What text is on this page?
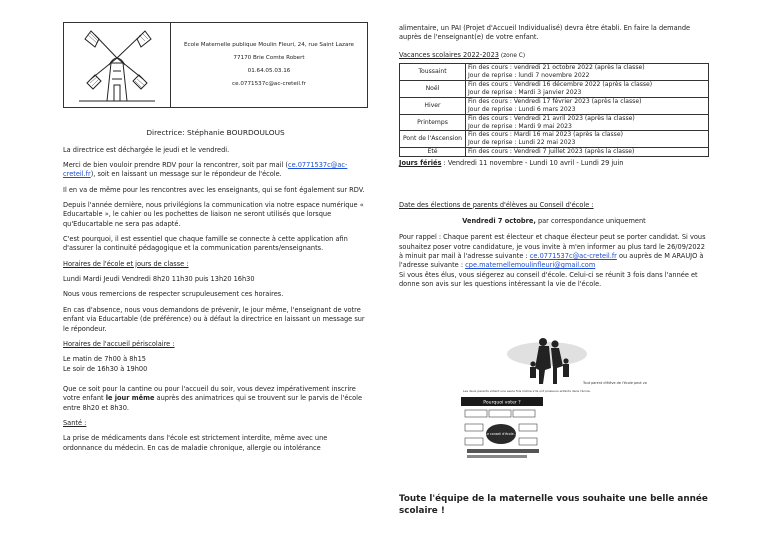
Ecole Maternelle publique Moulin Fleuri, 24, rue Saint Lazare
77170 Brie Comte Robert
01.64.05.03.16
ce.0771537c@ac-creteil.fr
Directrice: Stéphanie BOURDOULOUS

La directrice est déchargée le jeudi et le vendredi.

Merci de bien vouloir prendre RDV pour la rencontrer, soit par mail (ce.0771537c@ac-creteil.fr), soit en laissant un message sur le répondeur de l'école.

Il en va de même pour les rencontres avec les enseignants, qui se font également sur RDV.

Depuis l'année dernière, nous privilégions la communication via notre espace numérique « Educartable », le cahier ou les pochettes de liaison ne seront utilisés que lorsque qu'Educartable ne sera pas adapté.

C'est pourquoi, il est essentiel que chaque famille se connecte à cette application afin d'assurer la continuité pédagogique et la communication parents/enseignants.

Horaires de l'école et jours de classe :

Lundi Mardi Jeudi Vendredi 8h20 11h30 puis 13h20 16h30

Nous vous remercions de respecter scrupuleusement ces horaires.

En cas d'absence, nous vous demandons de prévenir, le jour même, l'enseignant de votre enfant via Educartable (de préférence) ou à défaut la directrice en laissant un message sur le répondeur.

Horaires de l'accueil périscolaire :
Le matin de 7h00 à 8h15

Le soir de 16h30 à 19h00

Que ce soit pour la cantine ou pour l'accueil du soir, vous devez impérativement inscrire votre enfant le jour même auprès des animatrices qui se trouvent sur le parvis de l'école entre 8h20 et 8h30.

Santé :

La prise de médicaments dans l'école est strictement interdite, même avec une ordonnance du médecin. En cas de maladie chronique, allergie ou intolérance

alimentaire, un PAI (Projet d'Accueil Individualisé) devra être établi. En faire la demande auprès de l'enseignant(e) de votre enfant.

Vacances scolaires 2022-2023 (zone C)
Toussaint	Fin des cours : vendredi 21 octobre 2022 (après la classe)
Jour de reprise : lundi 7 novembre 2022

Noël	Fin des cours : Vendredi 16 décembre 2022 (après la classe)
Jour de reprise : Mardi 3 janvier 2023

Hiver	Fin des cours : Vendredi 17 février 2023 (après la classe)
Jour de reprise : Lundi 6 mars 2023

Printemps	Fin des cours : Vendredi 21 avril 2023 (après la classe)
Jour de reprise : Mardi 9 mai 2023

Pont de l'Ascension	Fin des cours : Mardi 16 mai 2023 (après la classe)
Jour de reprise : Lundi 22 mai 2023

Eté	Fin des cours : Vendredi 7 juillet 2023 (après la classe)
Jours fériés : Vendredi 11 novembre - Lundi 10 avril - Lundi 29 juin
Date des élections de parents d'élèves au Conseil d'école :
Vendredi 7 octobre, par correspondance uniquement
Pour rappel : Chaque parent est électeur et chaque électeur peut se porter candidat. Si vous souhaitez poser votre candidature, je vous invite à m'en informer au plus tard le 26/09/2022 à minuit par mail à l'adresse suivante : ce.0771537c@ac-creteil.fr ou auprès de M ARAUJO à l'adresse suivante : cpe.maternellemoulinfleuri@gmail.com
Si vous êtes élus, vous siégerez au conseil d'école. Celui-ci se réunit 3 fois dans l'année et donne son avis sur les questions intéressant la vie de l'école.
Tout parent d'élève de l'école peut voter.
Les deux parents votent une seule fois même s'ils ont plusieurs enfants dans l'école.
Pourquoi voter ?
Le conseil d'école...
Toute l'équipe de la maternelle vous souhaite une belle année scolaire !
